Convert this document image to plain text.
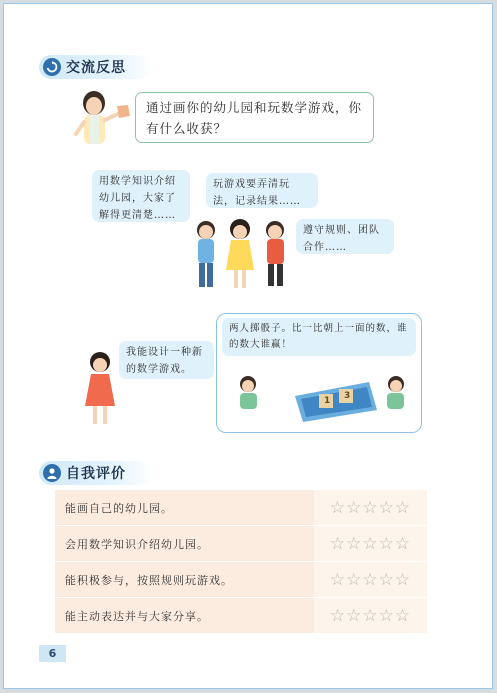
交流反思
通过画你的幼儿园和玩数学游戏，你有什么收获？
用数学知识介绍幼儿园，大家了解得更清楚……
玩游戏要弄清玩法，记录结果……
遵守规则、团队合作……
我能设计一种新的数学游戏。
两人掷骰子。比一比朝上一面的数，谁的数大谁赢！
1 3
自我评价
能画自己的幼儿园。	☆☆☆☆☆
会用数学知识介绍幼儿园。	☆☆☆☆☆
能积极参与，按照规则玩游戏。	☆☆☆☆☆
能主动表达并与大家分享。	☆☆☆☆☆
6
